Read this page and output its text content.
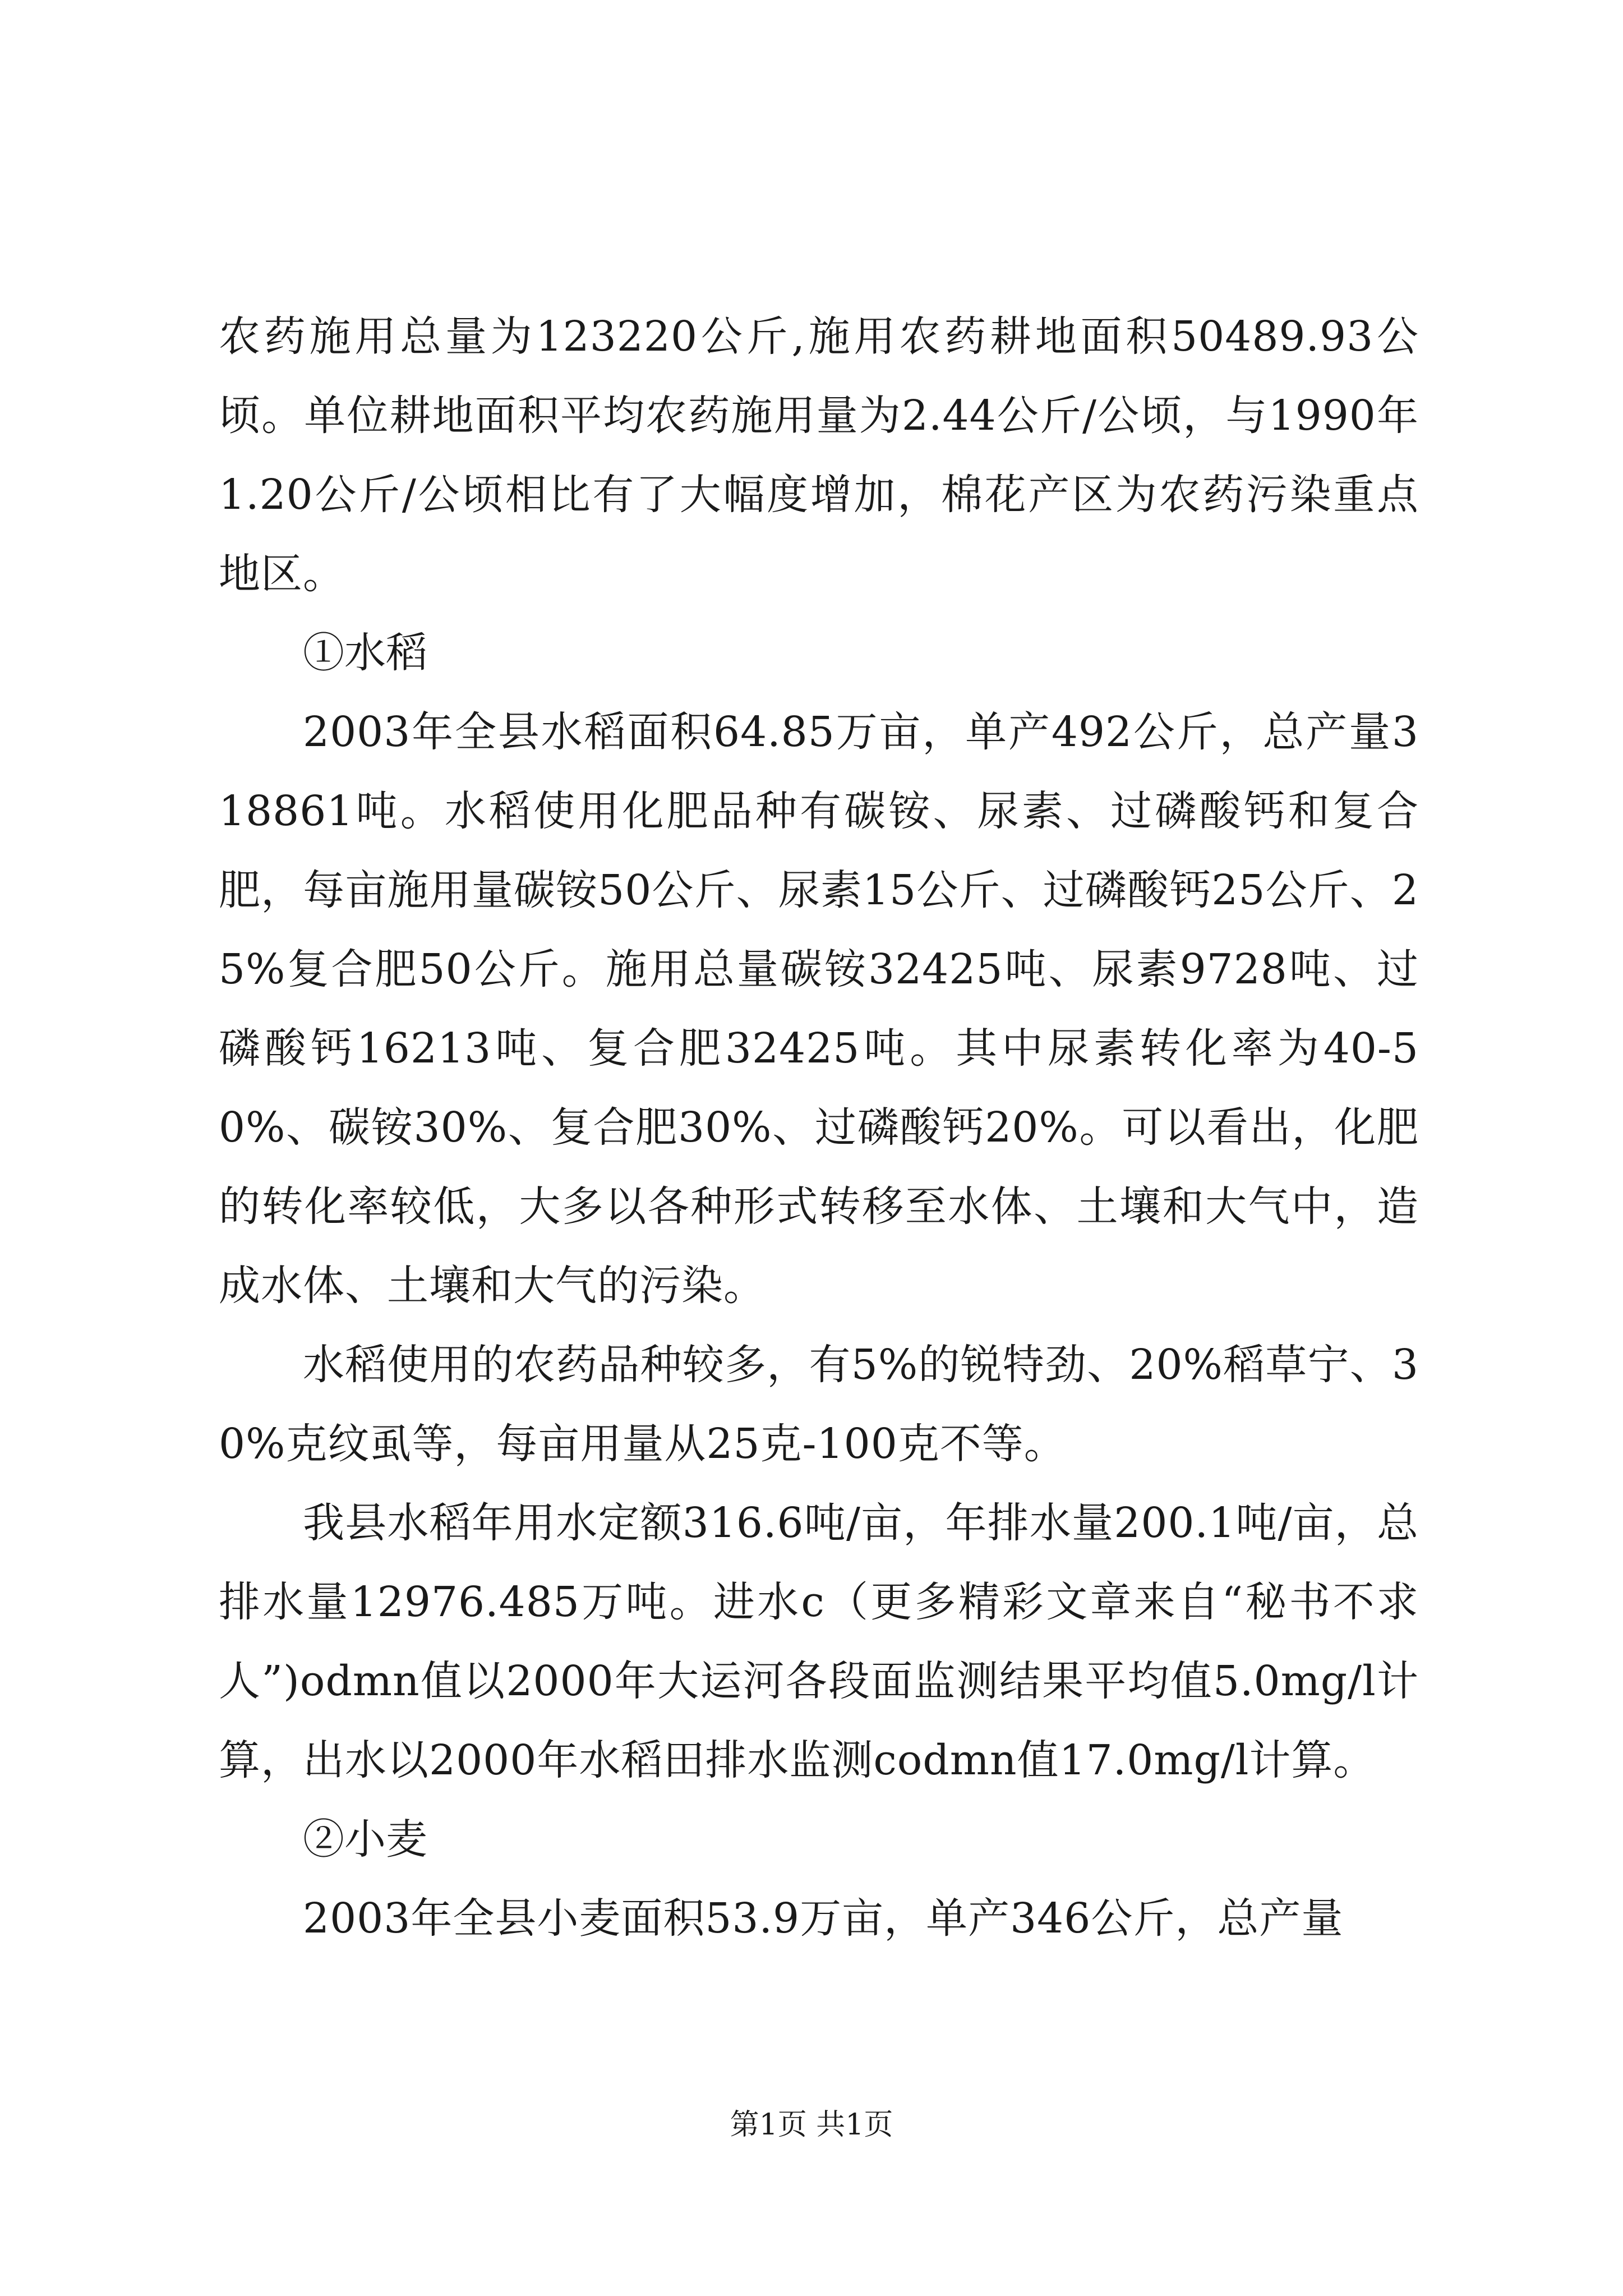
农药施用总量为123220公斤,施用农药耕地面积50489.93公顷。单位耕地面积平均农药施用量为2.44公斤/公顷，与1990年1.20公斤/公顷相比有了大幅度增加，棉花产区为农药污染重点地区。

①水稻

2003年全县水稻面积64.85万亩，单产492公斤，总产量318861吨。水稻使用化肥品种有碳铵、尿素、过磷酸钙和复合肥，每亩施用量碳铵50公斤、尿素15公斤、过磷酸钙25公斤、25%复合肥50公斤。施用总量碳铵32425吨、尿素9728吨、过磷酸钙16213吨、复合肥32425吨。其中尿素转化率为40-50%、碳铵30%、复合肥30%、过磷酸钙20%。可以看出，化肥的转化率较低，大多以各种形式转移至水体、土壤和大气中，造成水体、土壤和大气的污染。

水稻使用的农药品种较多，有5%的锐特劲、20%稻草宁、30%克纹虱等，每亩用量从25克-100克不等。

我县水稻年用水定额316.6吨/亩，年排水量200.1吨/亩，总排水量12976.485万吨。进水c（更多精彩文章来自“秘书不求人”)odmn值以2000年大运河各段面监测结果平均值5.0mg/l计算，出水以2000年水稻田排水监测codmn值17.0mg/l计算。

②小麦

2003年全县小麦面积53.9万亩，单产346公斤，总产量

第1页 共1页
